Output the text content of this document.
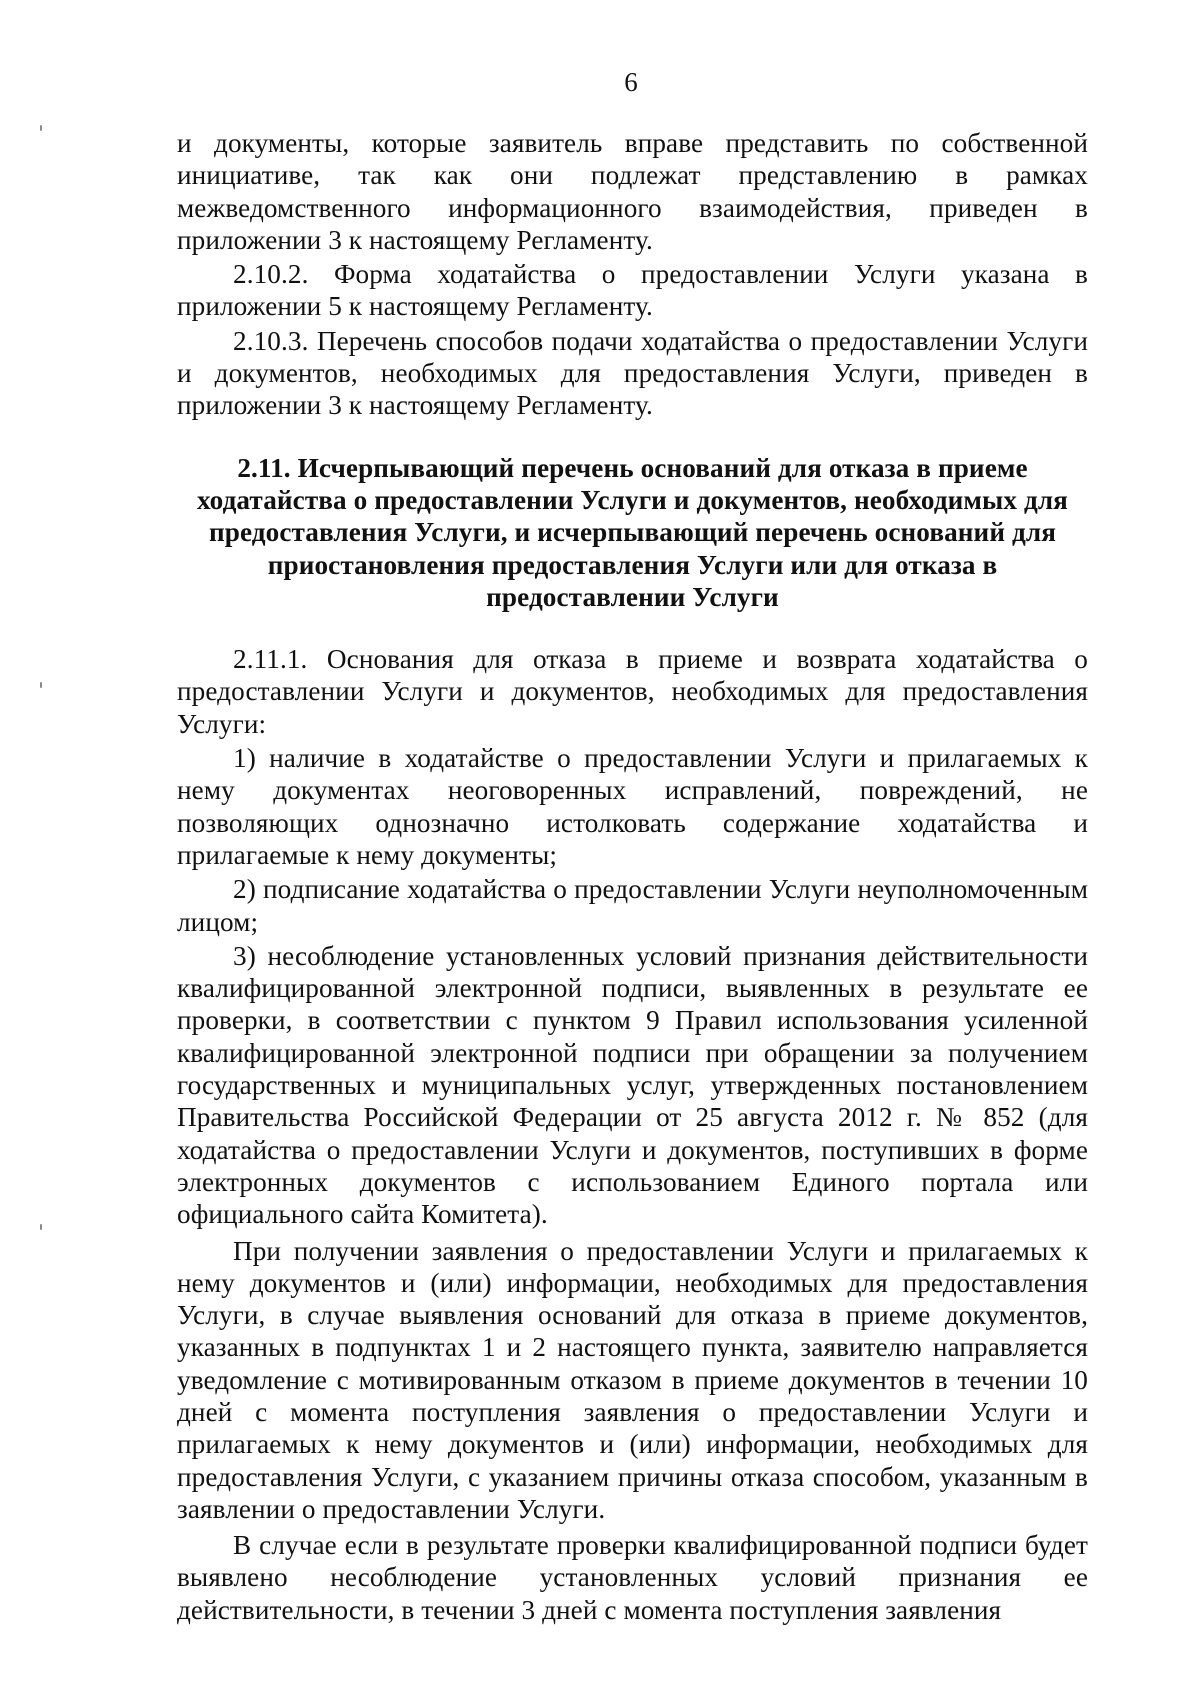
6

и документы, которые заявитель вправе представить по собственной инициативе, так как они подлежат представлению в рамках межведомственного информационного взаимодействия, приведен в приложении 3 к настоящему Регламенту.

2.10.2. Форма ходатайства о предоставлении Услуги указана в приложении 5 к настоящему Регламенту.

2.10.3. Перечень способов подачи ходатайства о предоставлении Услуги и документов, необходимых для предоставления Услуги, приведен в приложении 3 к настоящему Регламенту.

2.11. Исчерпывающий перечень оснований для отказа в приеме ходатайства о предоставлении Услуги и документов, необходимых для предоставления Услуги, и исчерпывающий перечень оснований для приостановления предоставления Услуги или для отказа в предоставлении Услуги

2.11.1. Основания для отказа в приеме и возврата ходатайства о предоставлении Услуги и документов, необходимых для предоставления Услуги:

1) наличие в ходатайстве о предоставлении Услуги и прилагаемых к нему документах неоговоренных исправлений, повреждений, не позволяющих однозначно истолковать содержание ходатайства и прилагаемые к нему документы;

2) подписание ходатайства о предоставлении Услуги неуполномоченным лицом;

3) несоблюдение установленных условий признания действительности квалифицированной электронной подписи, выявленных в результате ее проверки, в соответствии с пунктом 9 Правил использования усиленной квалифицированной электронной подписи при обращении за получением государственных и муниципальных услуг, утвержденных постановлением Правительства Российской Федерации от 25 августа 2012 г. № 852 (для ходатайства о предоставлении Услуги и документов, поступивших в форме электронных документов с использованием Единого портала или официального сайта Комитета).

При получении заявления о предоставлении Услуги и прилагаемых к нему документов и (или) информации, необходимых для предоставления Услуги, в случае выявления оснований для отказа в приеме документов, указанных в подпунктах 1 и 2 настоящего пункта, заявителю направляется уведомление с мотивированным отказом в приеме документов в течении 10 дней с момента поступления заявления о предоставлении Услуги и прилагаемых к нему документов и (или) информации, необходимых для предоставления Услуги, с указанием причины отказа способом, указанным в заявлении о предоставлении Услуги.

В случае если в результате проверки квалифицированной подписи будет выявлено несоблюдение установленных условий признания ее действительности, в течении 3 дней с момента поступления заявления
